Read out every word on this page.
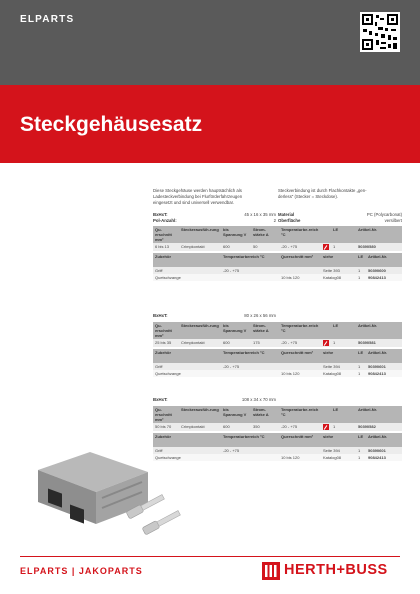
ELPARTS
Steckgehäusesatz
Diese Steckgehäuse werden hauptsächlich als
Ladesteckverbindung bei Flurförderfahrzeugen
eingesetzt und sind universell verwendbar.
Steckverbindung ist durch Flachkontakte „gen-
derless“ (Stecker = Steckdose).
BxHxT:	45 x 16 x 35 mm
Pol-Anzahl:	2
Material	PC (Polycarbonat)
Oberfläche	versilbert
Qu-erschnitt mm²	Steckerausfüh-rung	bis Spannung V	Strom-stärke A	Temperaturbe-reich °C		LE	Artikel-Nr.
6 bis 13	Crimpkontakt	600	50	-20 - +75		1	50390580
Zubehör	Temperaturbereich °C	Querschnitt mm²	siehe	LE	Artikel-Nr.
Griff	-20 - +75		Seite 393	1	50390600
Quetschzange		10 bis 120	Katalog08	1	90842413
BxHxT:	80 x 26 x 56 mm
Qu-erschnitt mm²	Steckerausfüh-rung	bis Spannung V	Strom-stärke A	Temperaturbe-reich °C		LE	Artikel-Nr.
25 bis 35	Crimpkontakt	600	175	-20 - +75		1	50390581
Zubehör	Temperaturbereich °C	Querschnitt mm²	siehe	LE	Artikel-Nr.
Griff	-20 - +75		Seite 394	1	50390601
Quetschzange		10 bis 120	Katalog08	1	90842413
BxHxT:	108 x 34 x 70 mm
Qu-erschnitt mm²	Steckerausfüh-rung	bis Spannung V	Strom-stärke A	Temperaturbe-reich °C		LE	Artikel-Nr.
50 bis 70	Crimpkontakt	600	350	-20 - +75		1	50390582
Zubehör	Temperaturbereich °C	Querschnitt mm²	siehe	LE	Artikel-Nr.
Griff	-20 - +75		Seite 394	1	50390601
Quetschzange		10 bis 120	Katalog08	1	90842413
ELPARTS | JAKOPARTS	HERTH+BUSS
